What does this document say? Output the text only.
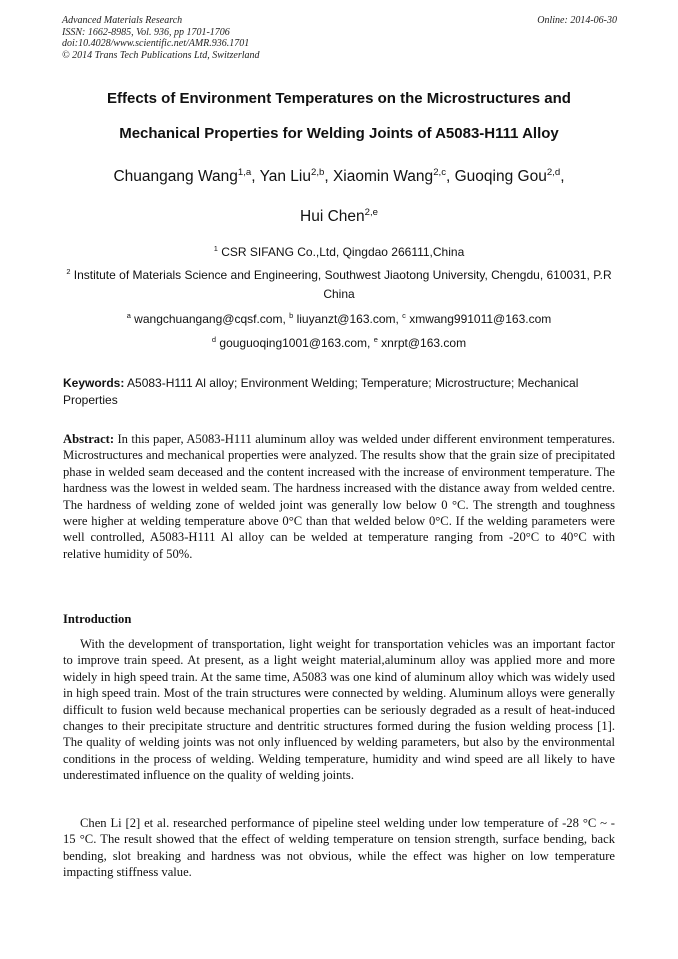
Advanced Materials Research
ISSN: 1662-8985, Vol. 936, pp 1701-1706
doi:10.4028/www.scientific.net/AMR.936.1701
© 2014 Trans Tech Publications Ltd, Switzerland
Online: 2014-06-30
Effects of Environment Temperatures on the Microstructures and
Mechanical Properties for Welding Joints of A5083-H111 Alloy
Chuangang Wang$^{1,a}$, Yan Liu$^{2,b}$, Xiaomin Wang$^{2,c}$, Guoqing Gou$^{2,d}$,
Hui Chen$^{2,e}$
$^1$ CSR SIFANG Co.,Ltd, Qingdao 266111,China
$^2$ Institute of Materials Science and Engineering, Southwest Jiaotong University, Chengdu, 610031, P.R China
$^a$ wangchuangang@cqsf.com, $^b$ liuyanzt@163.com, $^c$ xmwang991011@163.com
$^d$ gouguoqing1001@163.com, $^e$ xnrpt@163.com
Keywords: A5083-H111 Al alloy; Environment Welding; Temperature; Microstructure; Mechanical Properties
Abstract: In this paper, A5083-H111 aluminum alloy was welded under different environment temperatures. Microstructures and mechanical properties were analyzed. The results show that the grain size of precipitated phase in welded seam deceased and the content increased with the increase of environment temperature. The hardness was the lowest in welded seam. The hardness increased with the distance away from welded centre. The hardness of welding zone of welded joint was generally low below 0 °C. The strength and toughness were higher at welding temperature above 0°C than that welded below 0°C. If the welding parameters were well controlled, A5083-H111 Al alloy can be welded at temperature ranging from -20°C to 40°C with relative humidity of 50%.
Introduction
With the development of transportation, light weight for transportation vehicles was an important factor to improve train speed. At present, as a light weight material,aluminum alloy was applied more and more widely in high speed train. At the same time, A5083 was one kind of aluminum alloy which was widely used in high speed train. Most of the train structures were connected by welding. Aluminum alloys were generally difficult to fusion weld because mechanical properties can be seriously degraded as a result of heat-induced changes to their precipitate structure and dentritic structures formed during the fusion welding process [1]. The quality of welding joints was not only influenced by welding parameters, but also by the environmental conditions in the process of welding. Welding temperature, humidity and wind speed are all likely to have underestimated influence on the quality of welding joints.
Chen Li [2] et al. researched performance of pipeline steel welding under low temperature of -28 °C ~ - 15 °C. The result showed that the effect of welding temperature on tension strength, surface bending, back bending, slot breaking and hardness was not obvious, while the effect was higher on low temperature impacting stiffness value.
